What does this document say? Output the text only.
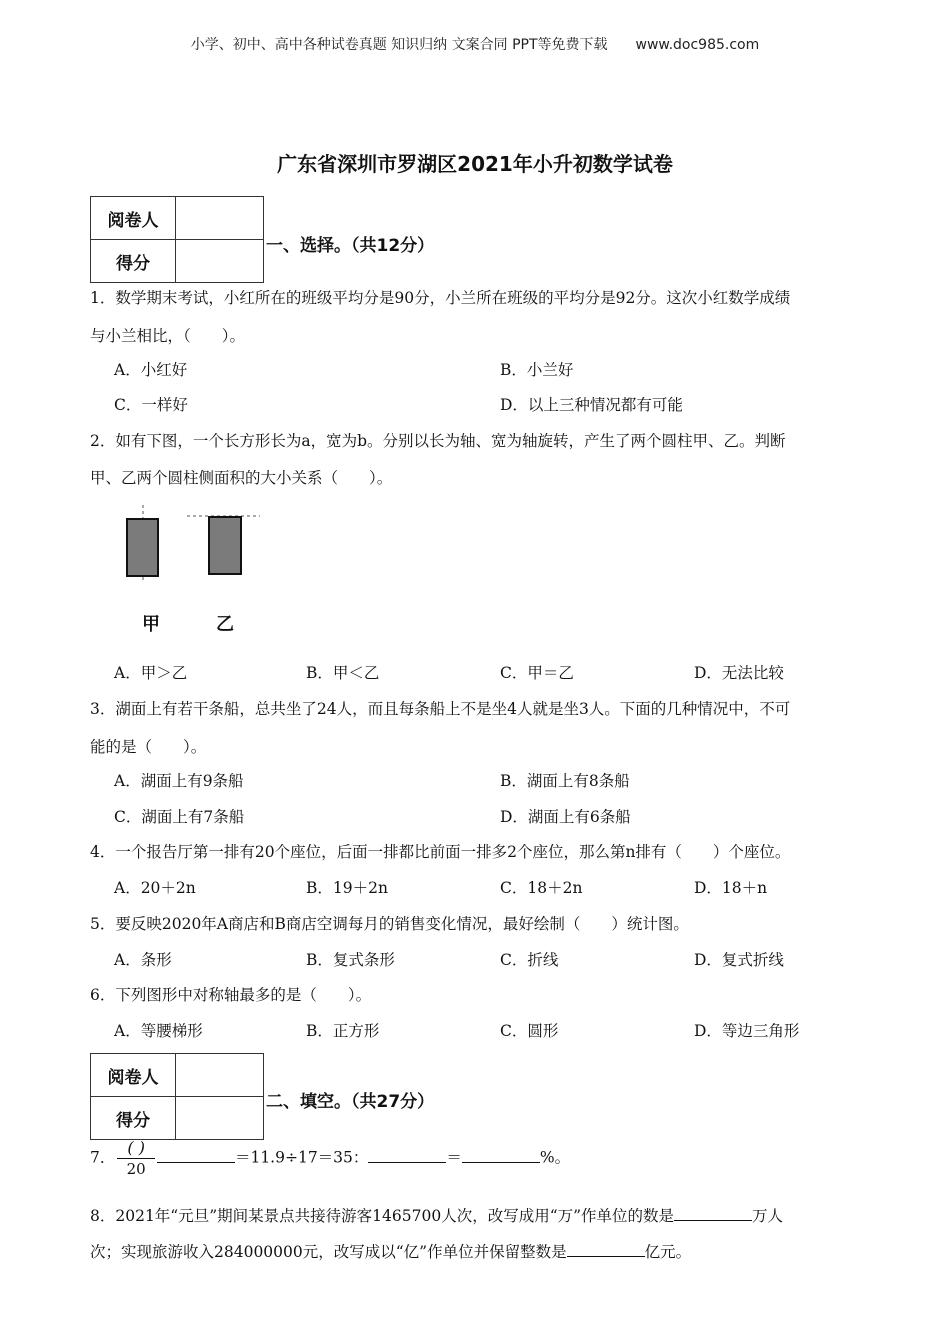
小学、初中、高中各种试卷真题 知识归纳 文案合同 PPT等免费下载 www.doc985.com
广东省深圳市罗湖区2021年小升初数学试卷
阅卷人	
得分	
一、选择。（共12分）
1．数学期末考试，小红所在的班级平均分是90分，小兰所在班级的平均分是92分。这次小红数学成绩
与小兰相比，（　　）。
A．小红好	B．小兰好
C．一样好	D．以上三种情况都有可能
2．如有下图，一个长方形长为a，宽为b。分别以长为轴、宽为轴旋转，产生了两个圆柱甲、乙。判断
甲、乙两个圆柱侧面积的大小关系（　　）。
甲	乙
A．甲＞乙	B．甲＜乙	C．甲＝乙	D．无法比较
3．湖面上有若干条船，总共坐了24人，而且每条船上不是坐4人就是坐3人。下面的几种情况中，不可
能的是（　　）。
A．湖面上有9条船	B．湖面上有8条船
C．湖面上有7条船	D．湖面上有6条船
4．一个报告厅第一排有20个座位，后面一排都比前面一排多2个座位，那么第n排有（　　）个座位。
A．20＋2n	B．19＋2n	C．18＋2n	D．18＋n
5．要反映2020年A商店和B商店空调每月的销售变化情况，最好绘制（　　）统计图。
A．条形	B．复式条形	C．折线	D．复式折线
6．下列图形中对称轴最多的是（　　）。
A．等腰梯形	B．正方形	C．圆形	D．等边三角形
阅卷人	
得分	
二、填空。（共27分）
7． $\frac{( )}{20}$	＝11.9÷17＝35：	＝	%。
8．2021年“元旦”期间某景点共接待游客1465700人次，改写成用“万”作单位的数是	万人
次；实现旅游收入284000000元，改写成以“亿”作单位并保留整数是	亿元。
